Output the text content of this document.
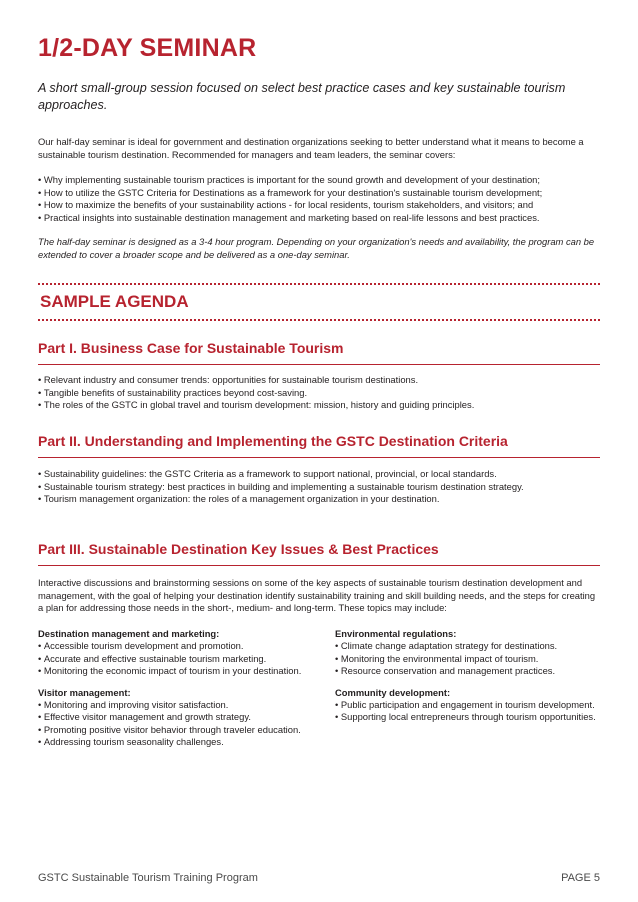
1/2-DAY SEMINAR

A short small-group session focused on select best practice cases and key sustainable tourism approaches.

Our half-day seminar is ideal for government and destination organizations seeking to better understand what it means to become a sustainable tourism destination. Recommended for managers and team leaders, the seminar covers:

• Why implementing sustainable tourism practices is important for the sound growth and development of your destination;
• How to utilize the GSTC Criteria for Destinations as a framework for your destination's sustainable tourism development;
• How to maximize the benefits of your sustainability actions - for local residents, tourism stakeholders, and visitors; and
• Practical insights into sustainable destination management and marketing based on real-life lessons and best practices.

The half-day seminar is designed as a 3-4 hour program. Depending on your organization's needs and availability, the program can be extended to cover a broader scope and be delivered as a one-day seminar.

SAMPLE AGENDA
Part I. Business Case for Sustainable Tourism
• Relevant industry and consumer trends: opportunities for sustainable tourism destinations.
• Tangible benefits of sustainability practices beyond cost-saving.
• The roles of the GSTC in global travel and tourism development: mission, history and guiding principles.
Part II. Understanding and Implementing the GSTC Destination Criteria
• Sustainability guidelines: the GSTC Criteria as a framework to support national, provincial, or local standards.
• Sustainable tourism strategy: best practices in building and implementing a sustainable tourism destination strategy.
• Tourism management organization: the roles of a management organization in your destination.
Part III. Sustainable Destination Key Issues & Best Practices

Interactive discussions and brainstorming sessions on some of the key aspects of sustainable tourism destination development and management, with the goal of helping your destination identify sustainability training and skill building needs, and the steps for creating a plan for addressing those needs in the short-, medium- and long-term. These topics may include:

Destination management and marketing:
• Accessible tourism development and promotion.
• Accurate and effective sustainable tourism marketing.
• Monitoring the economic impact of tourism in your destination.
Visitor management:
• Monitoring and improving visitor satisfaction.
• Effective visitor management and growth strategy.
• Promoting positive visitor behavior through traveler education.
• Addressing tourism seasonality challenges.
Environmental regulations:
• Climate change adaptation strategy for destinations.
• Monitoring the environmental impact of tourism.
• Resource conservation and management practices.
Community development:
• Public participation and engagement in tourism development.
• Supporting local entrepreneurs through tourism opportunities.
GSTC Sustainable Tourism Training Program	PAGE 5
